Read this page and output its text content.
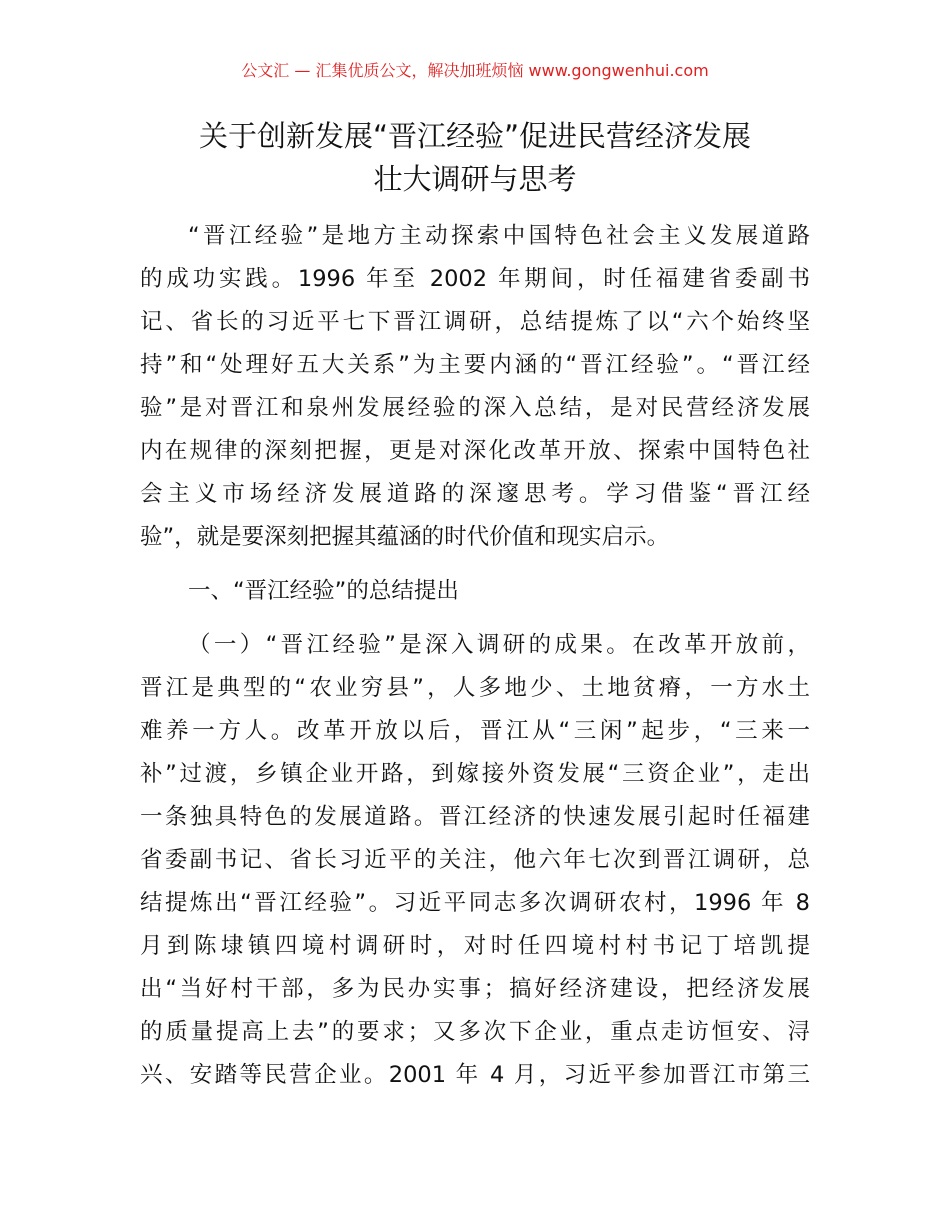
公文汇 — 汇集优质公文，解决加班烦恼 www.gongwenhui.com
关于创新发展“晋江经验”促进民营经济发展
壮大调研与思考
“晋江经验”是地方主动探索中国特色社会主义发展道路
的成功实践。1996 年至 2002 年期间，时任福建省委副书
记、省长的习近平七下晋江调研，总结提炼了以“六个始终坚
持”和“处理好五大关系”为主要内涵的“晋江经验”。“晋江经
验”是对晋江和泉州发展经验的深入总结，是对民营经济发展
内在规律的深刻把握，更是对深化改革开放、探索中国特色社
会主义市场经济发展道路的深邃思考。学习借鉴“晋江经
验”，就是要深刻把握其蕴涵的时代价值和现实启示。
一、“晋江经验”的总结提出
（一）“晋江经验”是深入调研的成果。在改革开放前，
晋江是典型的“农业穷县”，人多地少、土地贫瘠，一方水土
难养一方人。改革开放以后，晋江从“三闲”起步，“三来一
补”过渡，乡镇企业开路，到嫁接外资发展“三资企业”，走出
一条独具特色的发展道路。晋江经济的快速发展引起时任福建
省委副书记、省长习近平的关注，他六年七次到晋江调研，总
结提炼出“晋江经验”。习近平同志多次调研农村，1996 年 8
月到陈埭镇四境村调研时，对时任四境村村书记丁培凯提
出“当好村干部，多为民办实事；搞好经济建设，把经济发展
的质量提高上去”的要求；又多次下企业，重点走访恒安、浔
兴、安踏等民营企业。2001 年 4 月，习近平参加晋江市第三
